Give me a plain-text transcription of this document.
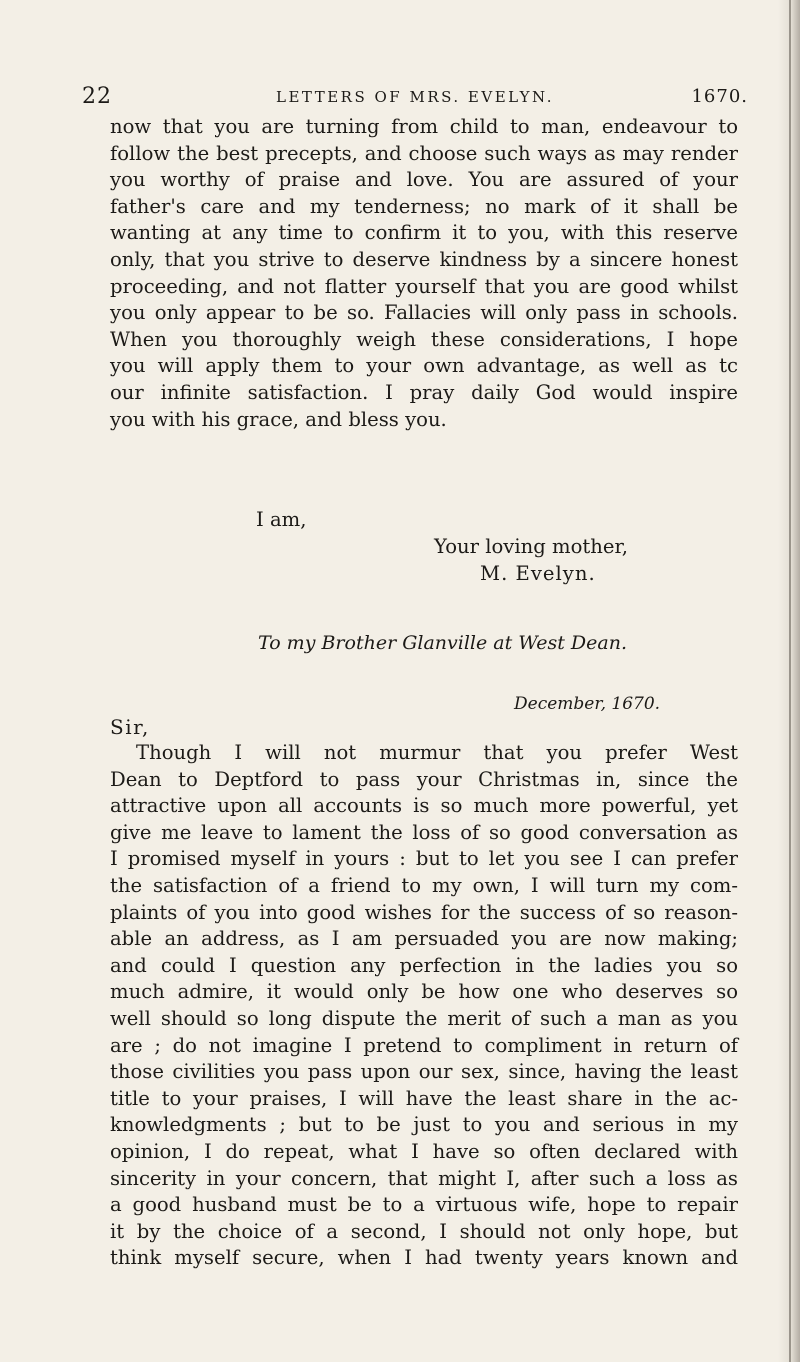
22	LETTERS OF MRS. EVELYN.	1670.
now that you are turning from child to man, endeavour to
follow the best precepts, and choose such ways as may render
you worthy of praise and love. You are assured of your
father's care and my tenderness; no mark of it shall be
wanting at any time to confirm it to you, with this reserve
only, that you strive to deserve kindness by a sincere honest
proceeding, and not flatter yourself that you are good whilst
you only appear to be so. Fallacies will only pass in schools.
When you thoroughly weigh these considerations, I hope
you will apply them to your own advantage, as well as tc
our infinite satisfaction. I pray daily God would inspire
you with his grace, and bless you.
I am,
Your loving mother,
M. Evelyn.
To my Brother Glanville at West Dean.
December, 1670.
Sir,
Though I will not murmur that you prefer West
Dean to Deptford to pass your Christmas in, since the
attractive upon all accounts is so much more powerful, yet
give me leave to lament the loss of so good conversation as
I promised myself in yours : but to let you see I can prefer
the satisfaction of a friend to my own, I will turn my com-
plaints of you into good wishes for the success of so reason-
able an address, as I am persuaded you are now making;
and could I question any perfection in the ladies you so
much admire, it would only be how one who deserves so
well should so long dispute the merit of such a man as you
are ; do not imagine I pretend to compliment in return of
those civilities you pass upon our sex, since, having the least
title to your praises, I will have the least share in the ac-
knowledgments ; but to be just to you and serious in my
opinion, I do repeat, what I have so often declared with
sincerity in your concern, that might I, after such a loss as
a good husband must be to a virtuous wife, hope to repair
it by the choice of a second, I should not only hope, but
think myself secure, when I had twenty years known and
